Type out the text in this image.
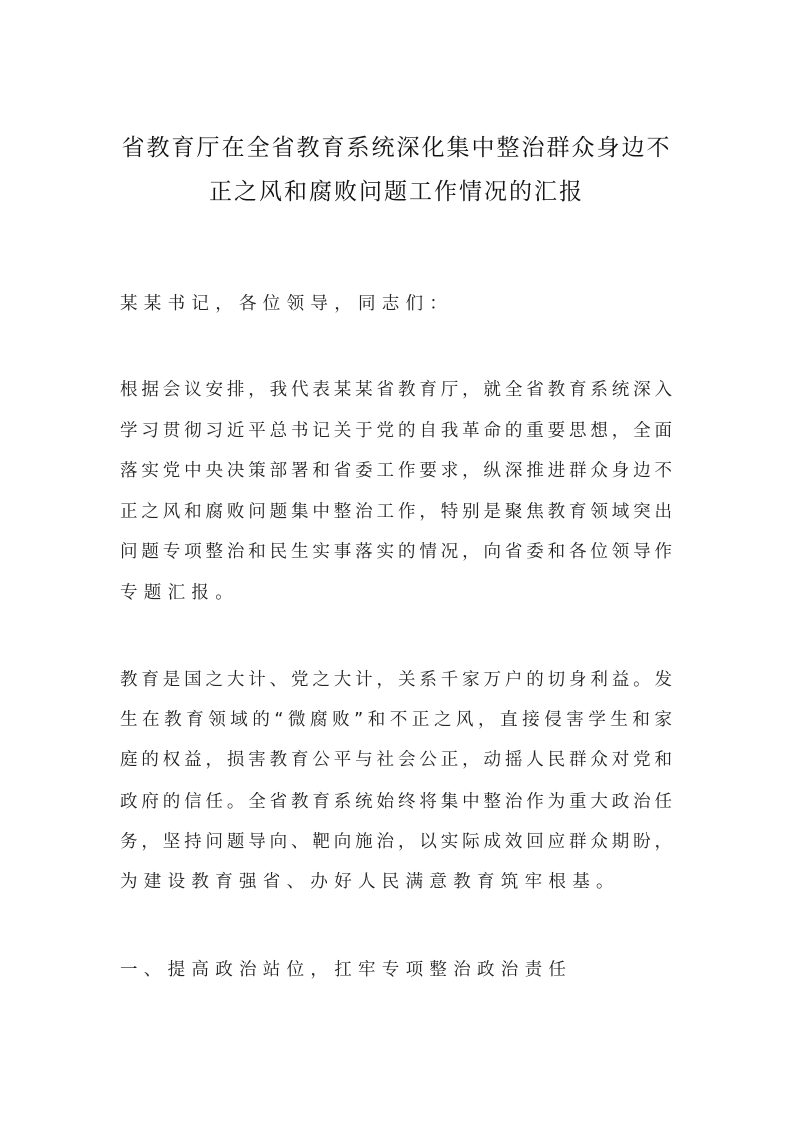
省教育厅在全省教育系统深化集中整治群众身边不
正之风和腐败问题工作情况的汇报
某某书记，各位领导，同志们：
根据会议安排，我代表某某省教育厅，就全省教育系统深入
学习贯彻习近平总书记关于党的自我革命的重要思想，全面
落实党中央决策部署和省委工作要求，纵深推进群众身边不
正之风和腐败问题集中整治工作，特别是聚焦教育领域突出
问题专项整治和民生实事落实的情况，向省委和各位领导作
专题汇报。
教育是国之大计、党之大计，关系千家万户的切身利益。发
生在教育领域的“微腐败”和不正之风，直接侵害学生和家
庭的权益，损害教育公平与社会公正，动摇人民群众对党和
政府的信任。全省教育系统始终将集中整治作为重大政治任
务，坚持问题导向、靶向施治，以实际成效回应群众期盼，
为建设教育强省、办好人民满意教育筑牢根基。
一、提高政治站位，扛牢专项整治政治责任
